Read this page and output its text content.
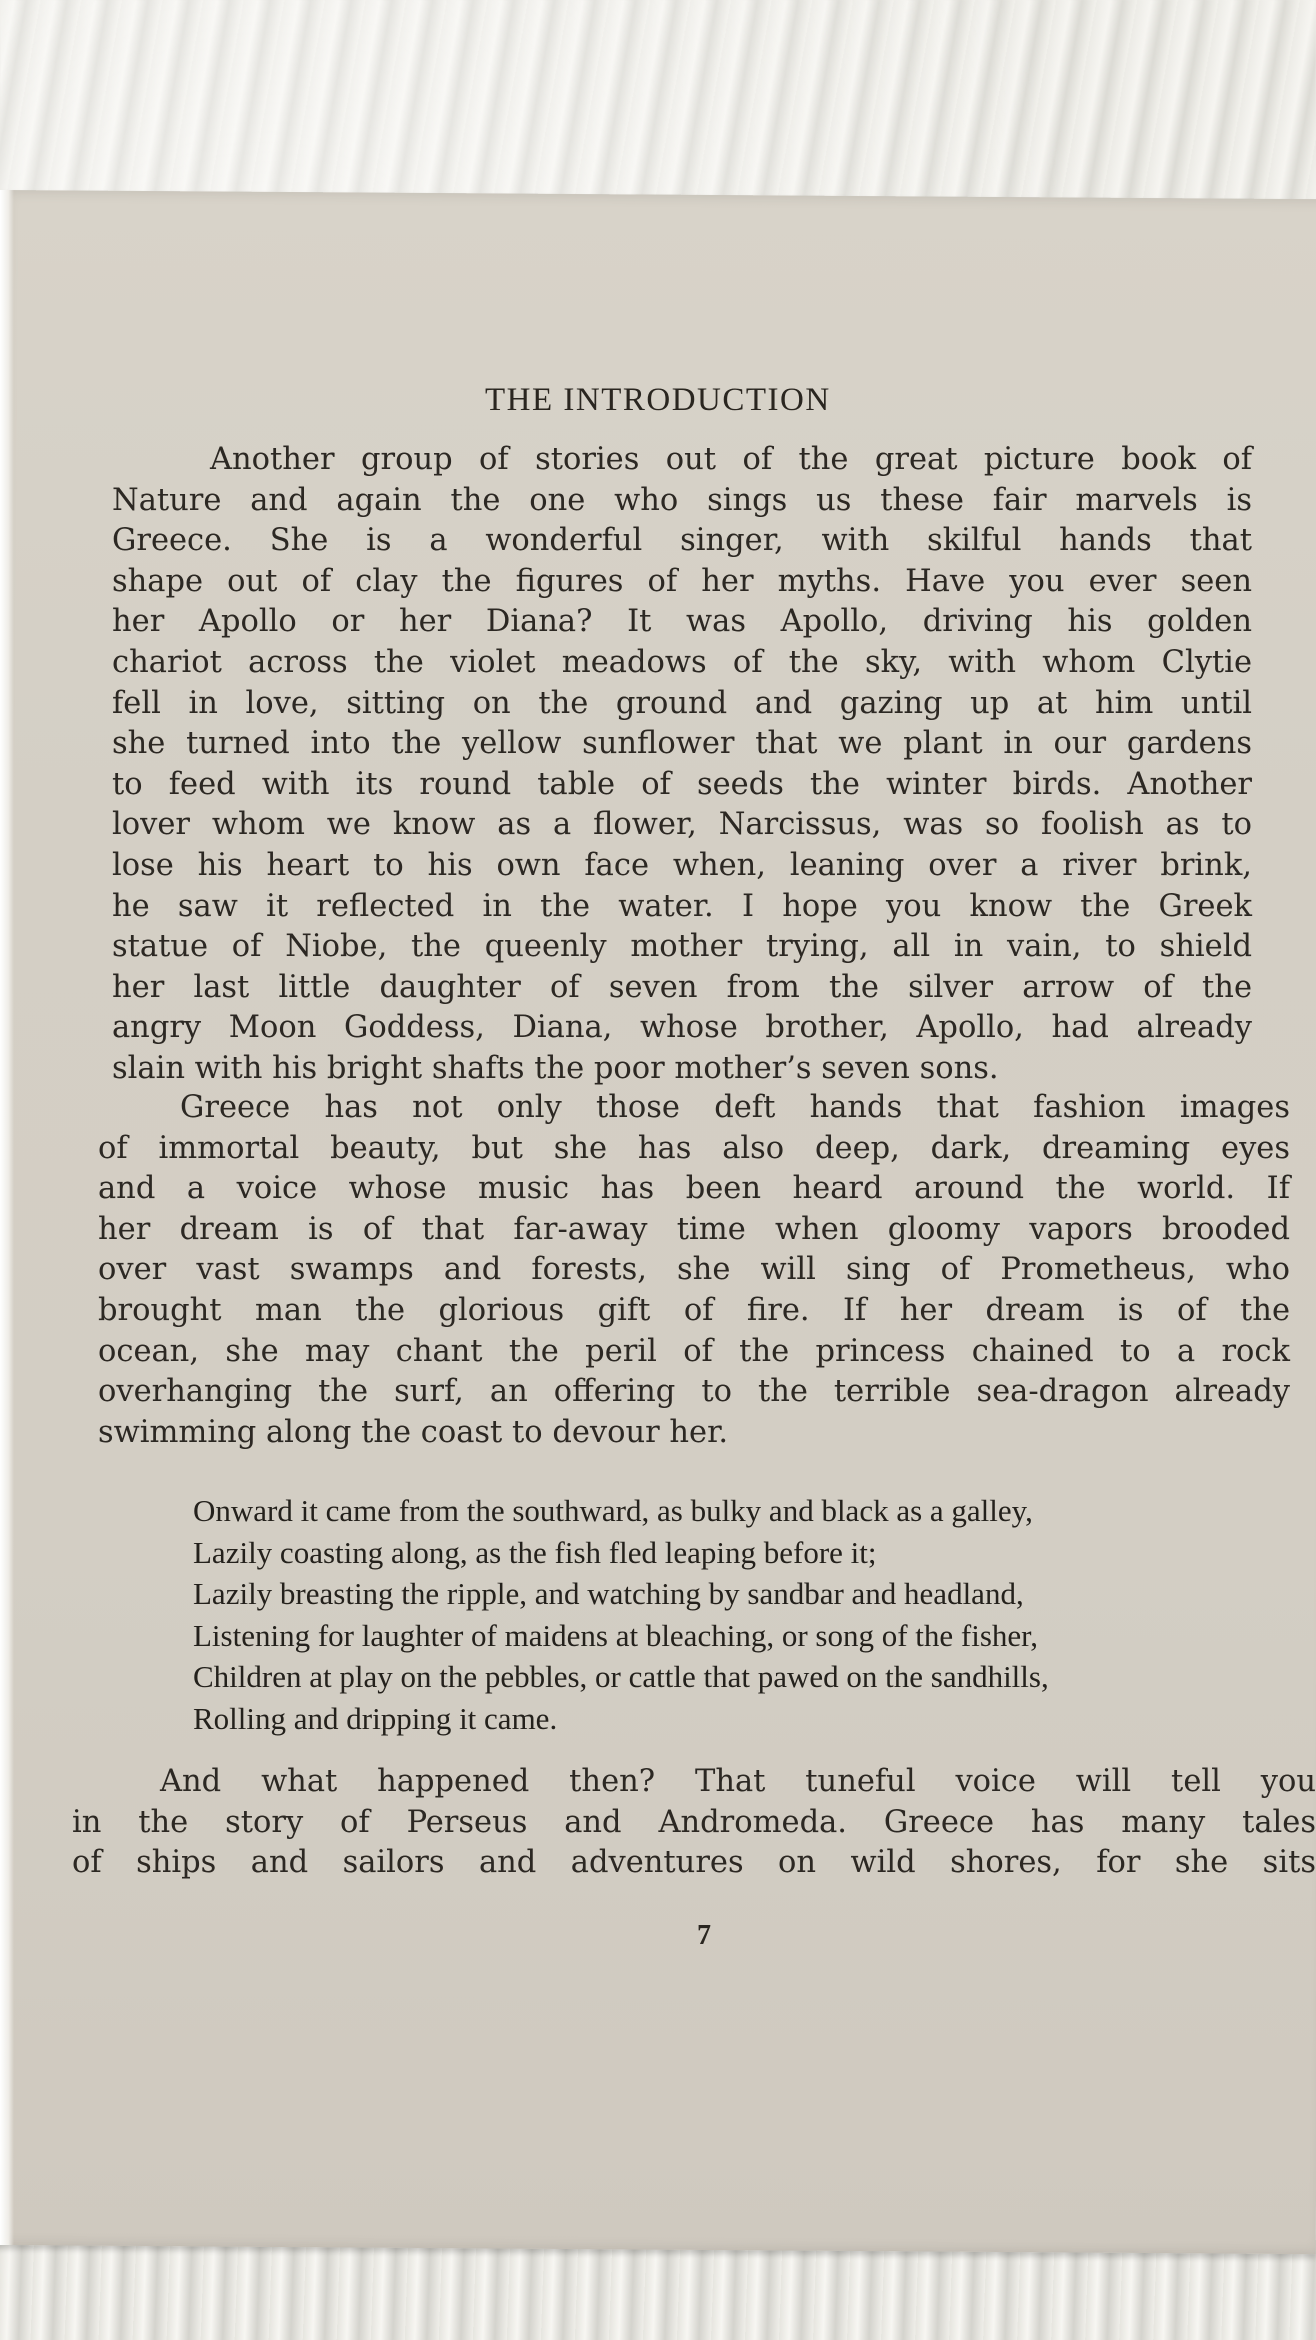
THE INTRODUCTION
Another group of stories out of the great picture book of
Nature and again the one who sings us these fair marvels is
Greece. She is a wonderful singer, with skilful hands that
shape out of clay the figures of her myths. Have you ever seen
her Apollo or her Diana? It was Apollo, driving his golden
chariot across the violet meadows of the sky, with whom Clytie
fell in love, sitting on the ground and gazing up at him until
she turned into the yellow sunflower that we plant in our gardens
to feed with its round table of seeds the winter birds. Another
lover whom we know as a flower, Narcissus, was so foolish as to
lose his heart to his own face when, leaning over a river brink,
he saw it reflected in the water. I hope you know the Greek
statue of Niobe, the queenly mother trying, all in vain, to shield
her last little daughter of seven from the silver arrow of the
angry Moon Goddess, Diana, whose brother, Apollo, had already
slain with his bright shafts the poor mother’s seven sons.
Greece has not only those deft hands that fashion images
of immortal beauty, but she has also deep, dark, dreaming eyes
and a voice whose music has been heard around the world. If
her dream is of that far-away time when gloomy vapors brooded
over vast swamps and forests, she will sing of Prometheus, who
brought man the glorious gift of fire. If her dream is of the
ocean, she may chant the peril of the princess chained to a rock
overhanging the surf, an offering to the terrible sea-dragon already
swimming along the coast to devour her.
Onward it came from the southward, as bulky and black as a galley,
Lazily coasting along, as the fish fled leaping before it;
Lazily breasting the ripple, and watching by sandbar and headland,
Listening for laughter of maidens at bleaching, or song of the fisher,
Children at play on the pebbles, or cattle that pawed on the sandhills,
Rolling and dripping it came.
And what happened then? That tuneful voice will tell you
in the story of Perseus and Andromeda. Greece has many tales
of ships and sailors and adventures on wild shores, for she sits
7
